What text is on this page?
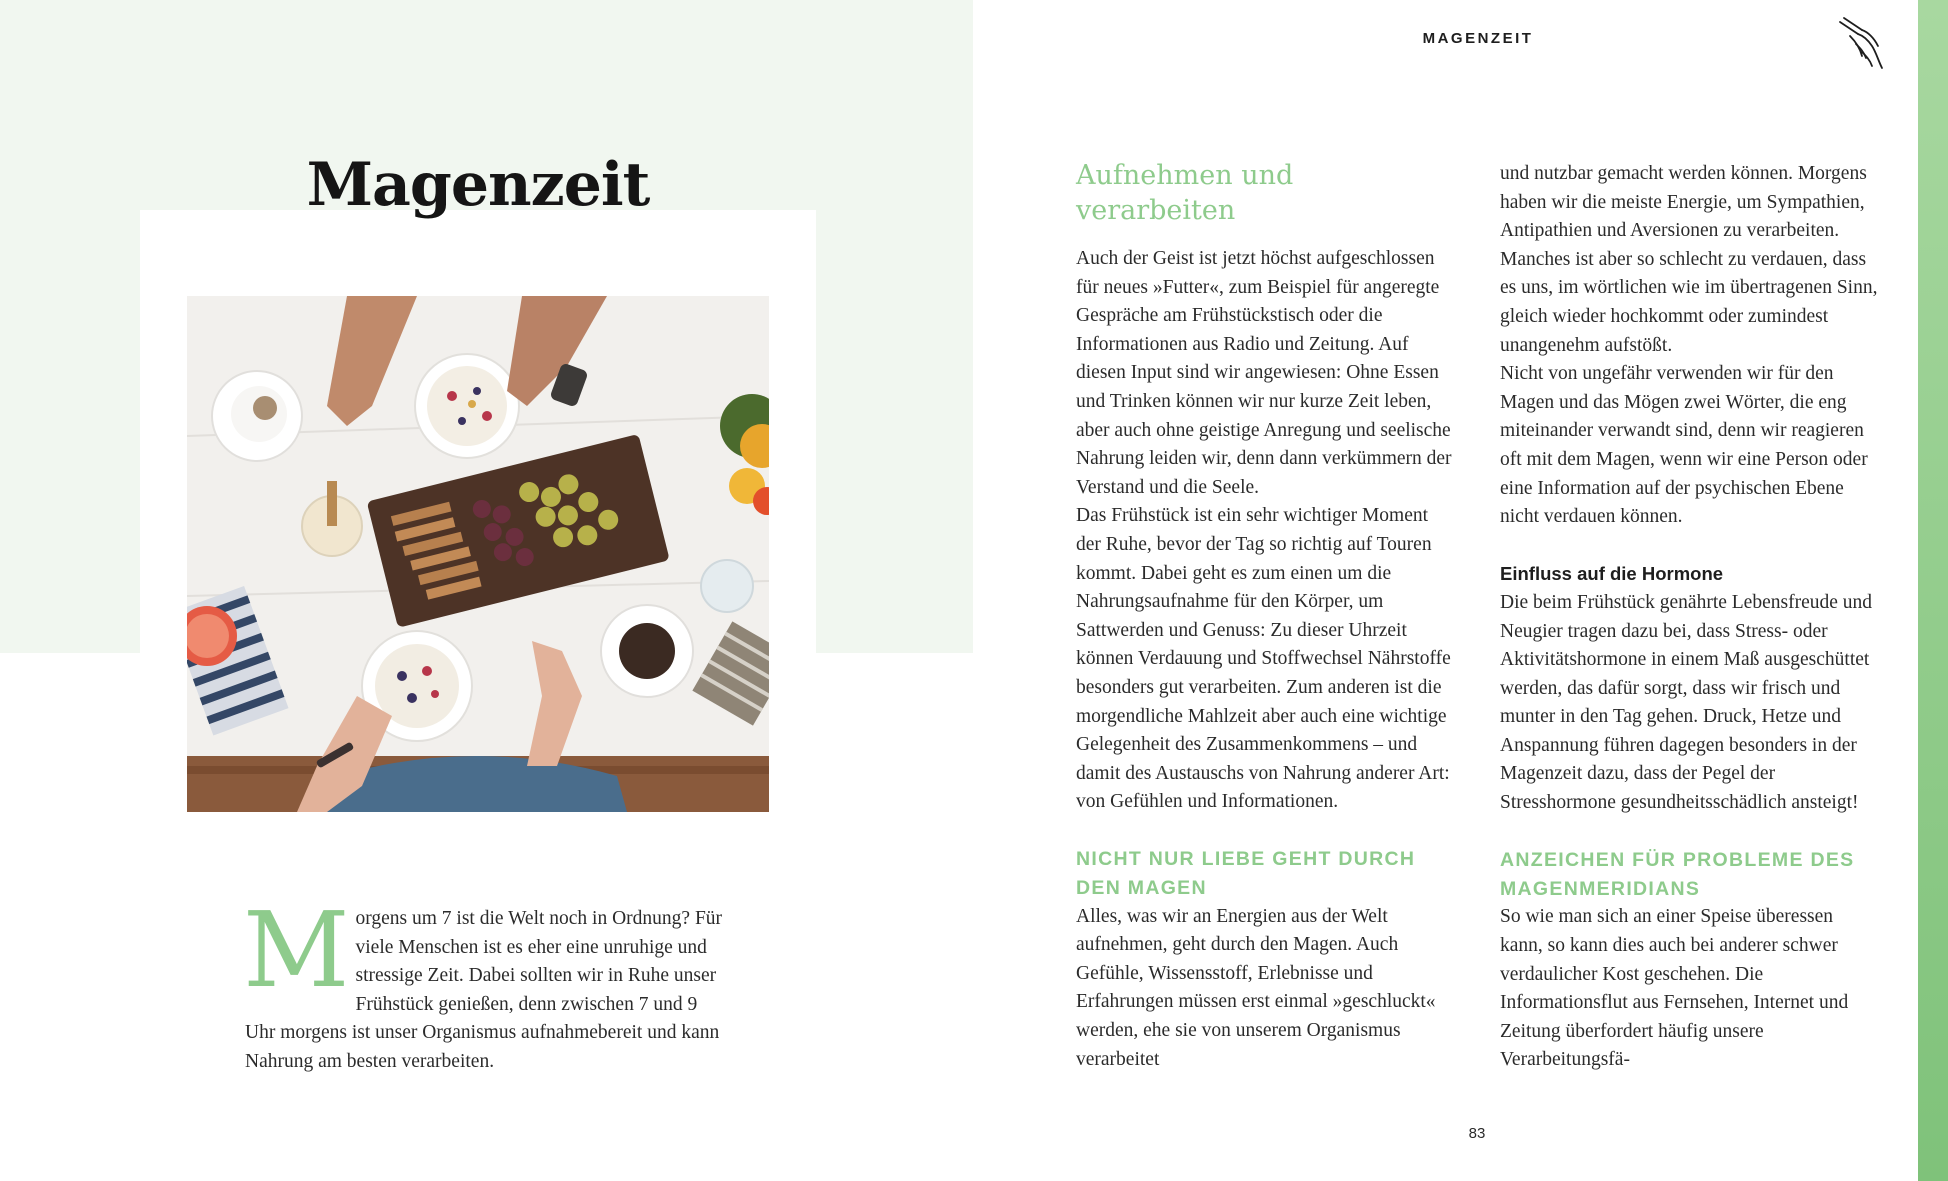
Magenzeit
Morgens um 7 ist die Welt noch in Ordnung? Für viele Menschen ist es eher eine unruhige und stressige Zeit. Dabei sollten wir in Ruhe unser Frühstück genießen, denn zwischen 7 und 9 Uhr morgens ist unser Organismus aufnahmebereit und kann Nahrung am besten verarbeiten.
MAGENZEIT
Aufnehmen und verarbeiten

Auch der Geist ist jetzt höchst aufgeschlossen für neues »Futter«, zum Beispiel für angeregte Gespräche am Frühstückstisch oder die Informationen aus Radio und Zeitung. Auf diesen Input sind wir angewiesen: Ohne Essen und Trinken können wir nur kurze Zeit leben, aber auch ohne geistige Anregung und seelische Nahrung leiden wir, denn dann verkümmern der Verstand und die Seele.

Das Frühstück ist ein sehr wichtiger Moment der Ruhe, bevor der Tag so richtig auf Touren kommt. Dabei geht es zum einen um die Nahrungsaufnahme für den Körper, um Sattwerden und Genuss: Zu dieser Uhrzeit können Verdauung und Stoffwechsel Nährstoffe besonders gut verarbeiten. Zum anderen ist die morgendliche Mahlzeit aber auch eine wichtige Gelegenheit des Zusammenkommens – und damit des Austauschs von Nahrung anderer Art: von Gefühlen und Informationen.

NICHT NUR LIEBE GEHT DURCH DEN MAGEN

Alles, was wir an Energien aus der Welt aufnehmen, geht durch den Magen. Auch Gefühle, Wissensstoff, Erlebnisse und Erfahrungen müssen erst einmal »geschluckt« werden, ehe sie von unserem Organismus verarbeitet

und nutzbar gemacht werden können. Morgens haben wir die meiste Energie, um Sympathien, Antipathien und Aversionen zu verarbeiten. Manches ist aber so schlecht zu verdauen, dass es uns, im wörtlichen wie im übertragenen Sinn, gleich wieder hochkommt oder zumindest unangenehm aufstößt.

Nicht von ungefähr verwenden wir für den Magen und das Mögen zwei Wörter, die eng miteinander verwandt sind, denn wir reagieren oft mit dem Magen, wenn wir eine Person oder eine Information auf der psychischen Ebene nicht verdauen können.

Einfluss auf die Hormone

Die beim Frühstück genährte Lebensfreude und Neugier tragen dazu bei, dass Stress- oder Aktivitätshormone in einem Maß ausgeschüttet werden, das dafür sorgt, dass wir frisch und munter in den Tag gehen. Druck, Hetze und Anspannung führen dagegen besonders in der Magenzeit dazu, dass der Pegel der Stresshormone gesundheitsschädlich ansteigt!

ANZEICHEN FÜR PROBLEME DES MAGENMERIDIANS

So wie man sich an einer Speise überessen kann, so kann dies auch bei anderer schwer verdaulicher Kost geschehen. Die Informationsflut aus Fernsehen, Internet und Zeitung überfordert häufig unsere Verarbeitungsfä-

83
